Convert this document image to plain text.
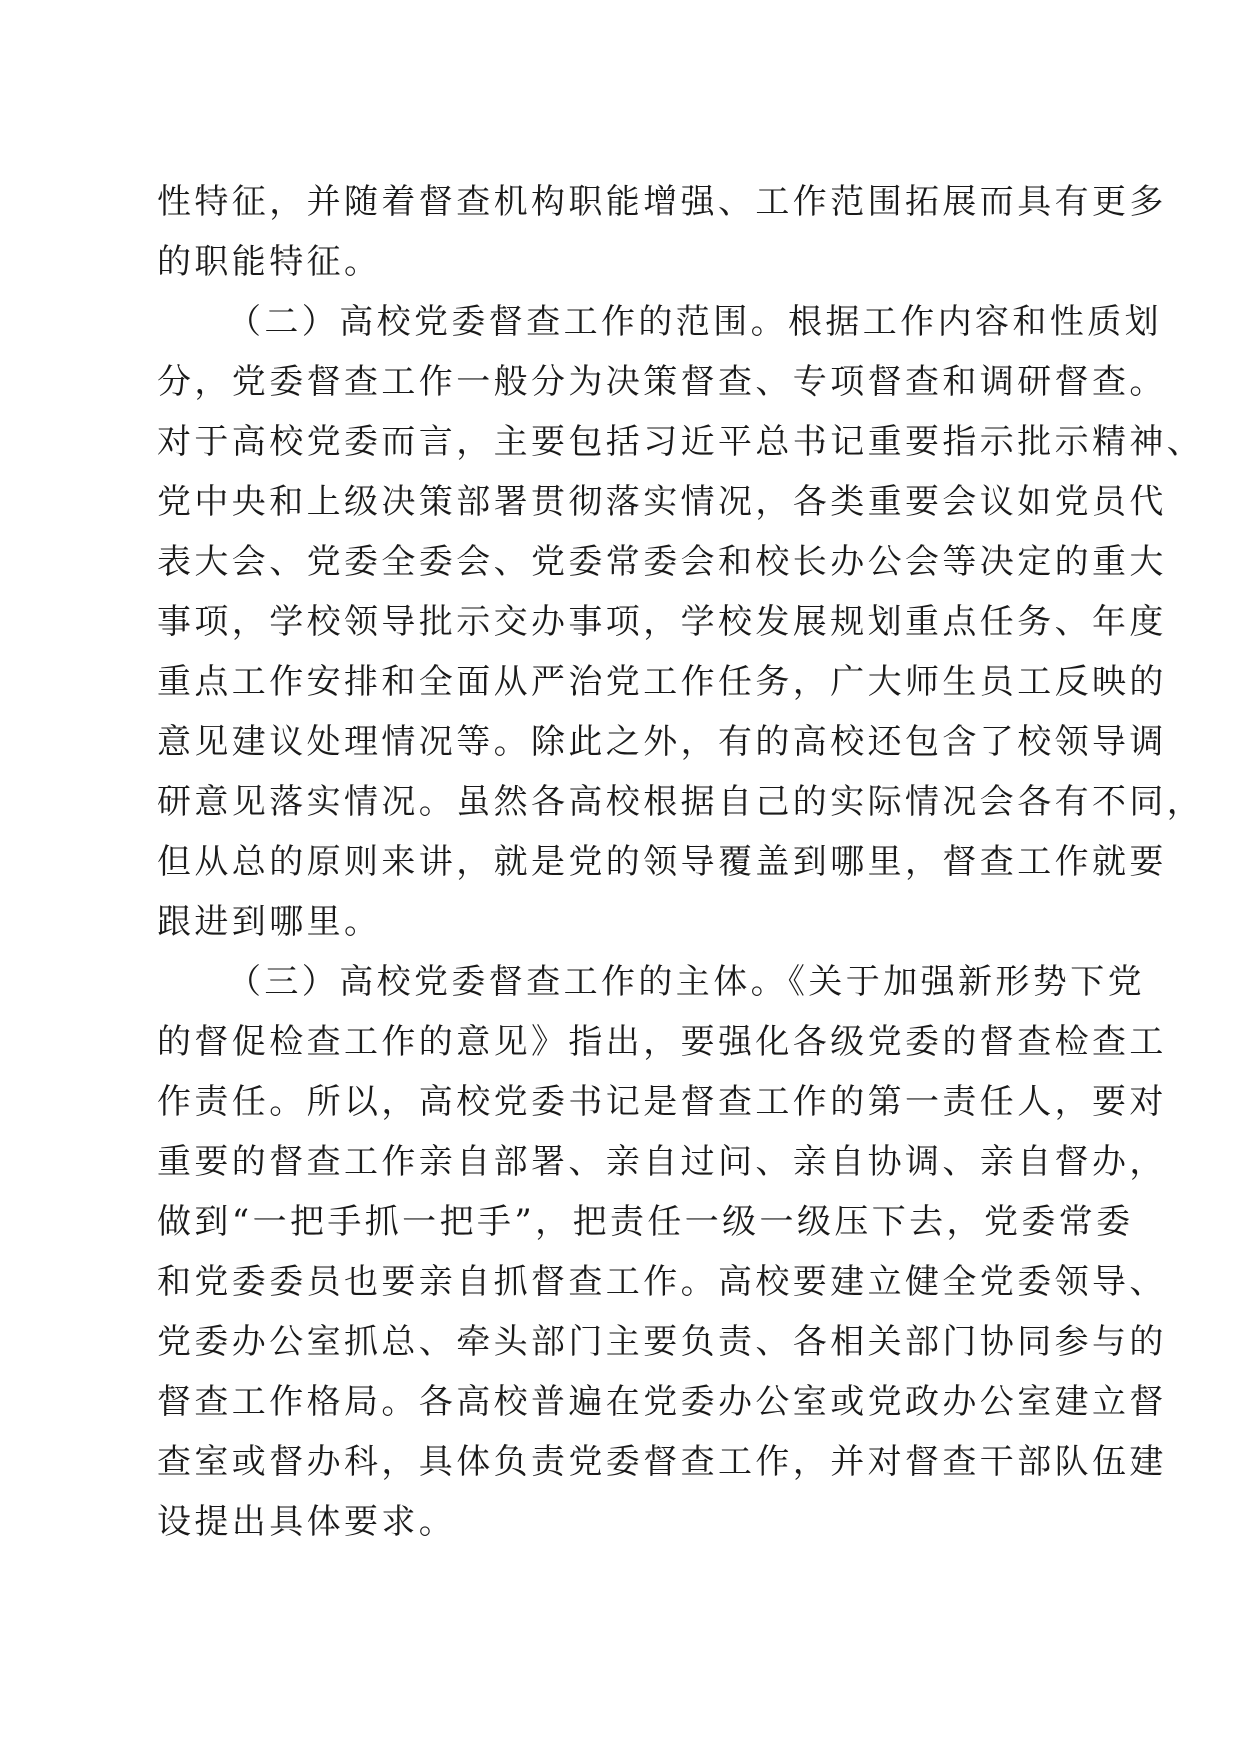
性特征，并随着督查机构职能增强、工作范围拓展而具有更多
的职能特征。
（二）高校党委督查工作的范围。根据工作内容和性质划
分，党委督查工作一般分为决策督查、专项督查和调研督查。
对于高校党委而言，主要包括习近平总书记重要指示批示精神、
党中央和上级决策部署贯彻落实情况，各类重要会议如党员代
表大会、党委全委会、党委常委会和校长办公会等决定的重大
事项，学校领导批示交办事项，学校发展规划重点任务、年度
重点工作安排和全面从严治党工作任务，广大师生员工反映的
意见建议处理情况等。除此之外，有的高校还包含了校领导调
研意见落实情况。虽然各高校根据自己的实际情况会各有不同，
但从总的原则来讲，就是党的领导覆盖到哪里，督查工作就要
跟进到哪里。
（三）高校党委督查工作的主体。《关于加强新形势下党
的督促检查工作的意见》指出，要强化各级党委的督查检查工
作责任。所以，高校党委书记是督查工作的第一责任人，要对
重要的督查工作亲自部署、亲自过问、亲自协调、亲自督办，
做到“一把手抓一把手”，把责任一级一级压下去，党委常委
和党委委员也要亲自抓督查工作。高校要建立健全党委领导、
党委办公室抓总、牵头部门主要负责、各相关部门协同参与的
督查工作格局。各高校普遍在党委办公室或党政办公室建立督
查室或督办科，具体负责党委督查工作，并对督查干部队伍建
设提出具体要求。
